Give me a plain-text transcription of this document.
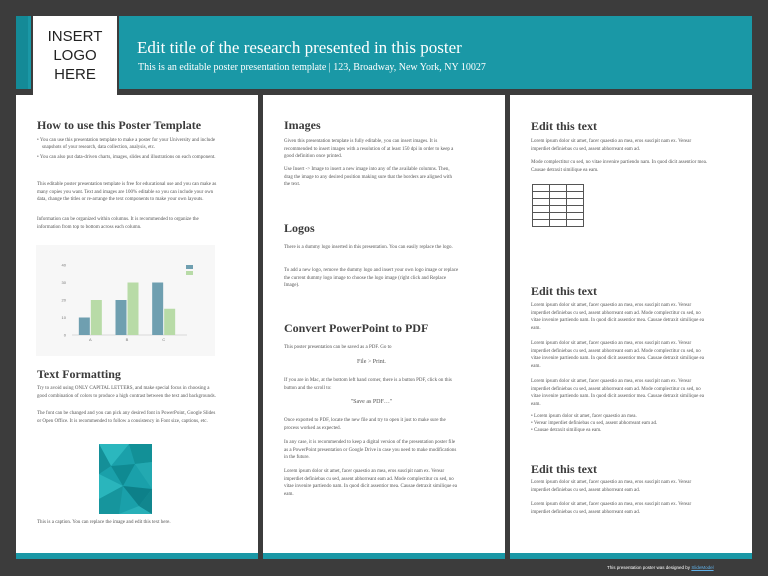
INSERT
LOGO
HERE
Edit title of the research presented in this poster
This is an editable poster presentation template | 123, Broadway, New York, NY 10027
How to use this Poster Template
• You can use this presentation template to make a poster for your University and include snapshots of your research, data collection, analysis, etc.
• You can also put data-driven charts, images, slides and illustrations on each component.
This editable poster presentation template is free for educational use and you can make as many copies you want. Text and images are 100% editable so you can include your own data, change the titles or re-arrange the text components to make your own layouts.
Information can be organized within columns. It is recommended to organize the information from top to bottom across each column.
0
10
20
30
40
A	B	C
Text Formatting
Try to avoid using ONLY CAPITAL LETTERS, and make special focus in choosing a good combination of colors to produce a high contrast between the text and backgrounds.
The font can be changed and you can pick any desired font in PowerPoint, Google Slides or Open Office. It is recommended to follow a consistency in Font size, captions, etc.
This is a caption. You can replace the image and edit this text here.
Images
Given this presentation template is fully editable, you can insert images. It is recommended to insert images with a resolution of at least 150 dpi in order to keep a good definition once printed.
Use Insert -> Image to insert a new image into any of the available columns. Then, drag the image to any desired position making sure that the borders are aligned with the text.
Logos
There is a dummy logo inserted in this presentation. You can easily replace the logo.
To add a new logo, remove the dummy logo and insert your own logo image or replace the current dummy logo image to choose the logo image (right click and Replace Image).
Convert PowerPoint to PDF
This poster presentation can be saved as a PDF. Go to
File > Print.
If you are in Mac, at the bottom left hand corner, there is a button PDF, click on this button and the scroll to:
"Save as PDF…"
Once exported to PDF, locate the new file and try to open it just to make sure the process worked as expected.
In any case, it is recommended to keep a digital version of the presentation poster file as a PowerPoint presentation or Google Drive in case you need to make modifications in the future.
Lorem ipsum dolor sit amet, facer quaestio an mea, eros suscipit nam ex. Verear imperdiet definiebas cu sed, assent abhorreant eam ad. Mode complectitur cu sed, no vitae invenire partiendo nam. In quod dicit assentior mea. Causae detraxit similique ea eam.
Edit this text
Lorem ipsum dolor sit amet, facer quaestio an mea, eros suscipit nam ex. Verear imperdiet definiebas cu sed, assent abhorreant eam ad.
Mode complectitur cu sed, no vitae invenire partiendo nam. In quod dicit assentior mea. Causae detraxit similique ea eam.

Edit this text
Lorem ipsum dolor sit amet, facer quaestio an mea, eros suscipit nam ex. Verear imperdiet definiebas cu sed, assent abhorreant eam ad. Mode complectitur cu sed, no vitae invenire partiendo nam. In quod dicit assentior mea. Causae detraxit similique ea eam.
Lorem ipsum dolor sit amet, facer quaestio an mea, eros suscipit nam ex. Verear imperdiet definiebas cu sed, assent abhorreant eam ad. Mode complectitur cu sed, no vitae invenire partiendo nam. In quod dicit assentior mea. Causae detraxit similique ea eam.
Lorem ipsum dolor sit amet, facer quaestio an mea, eros suscipit nam ex. Verear imperdiet definiebas cu sed, assent abhorreant eam ad. Mode complectitur cu sed, no vitae invenire partiendo nam. In quod dicit assentior mea. Causae detraxit similique ea eam.
• Lorem ipsum dolor sit amet, facer quaestio an mea.
• Verear imperdiet definiebas cu sed, assent abhorreant eam ad.
• Causae detraxit similique ea eam.
Edit this text
Lorem ipsum dolor sit amet, facer quaestio an mea, eros suscipit nam ex. Verear imperdiet definiebas cu sed, assent abhorreant eam ad.
Lorem ipsum dolor sit amet, facer quaestio an mea, eros suscipit nam ex. Verear imperdiet definiebas cu sed, assent abhorreant eam ad.
This presentation poster was designed by SlideModel
